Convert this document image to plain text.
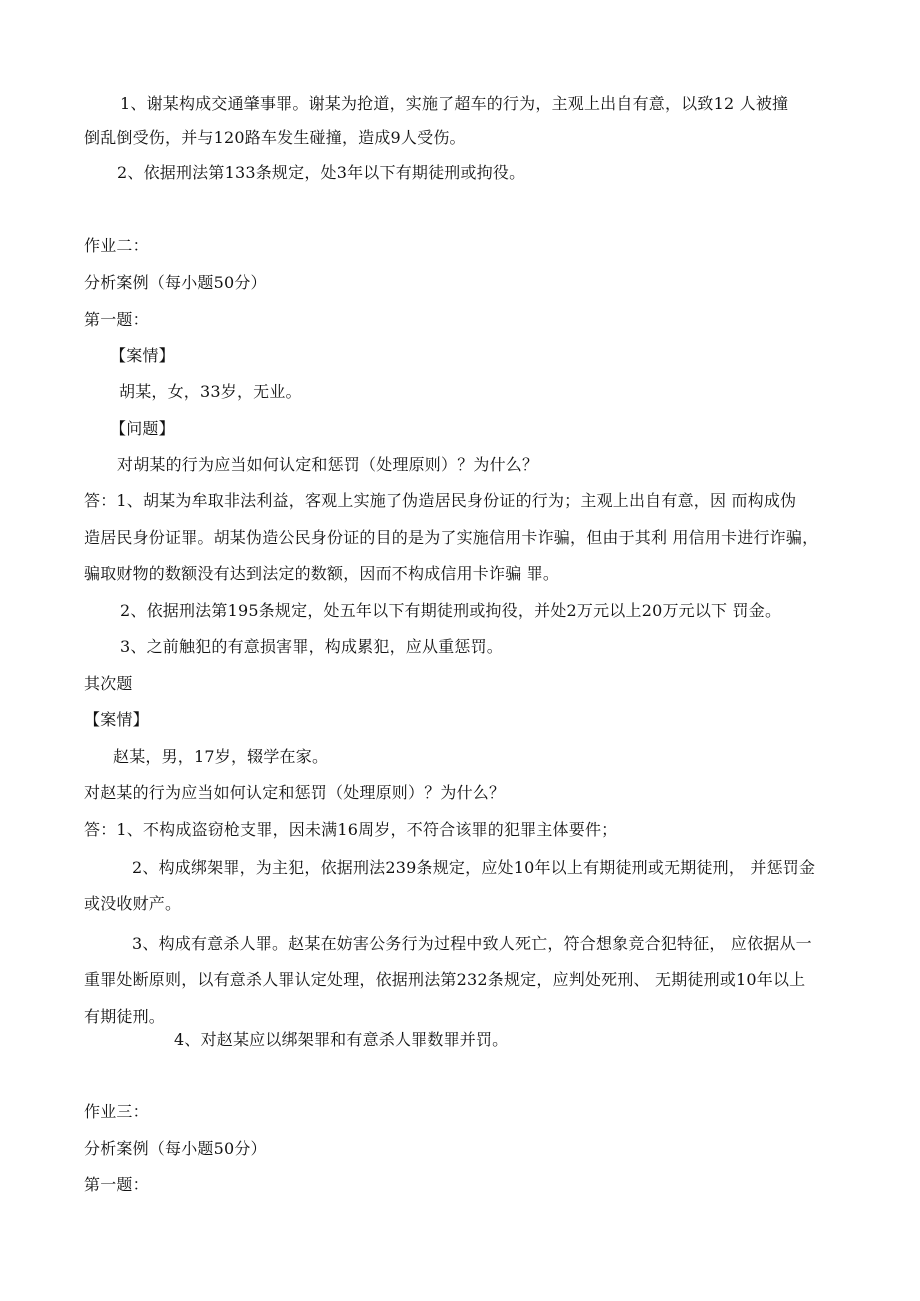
1、谢某构成交通肇事罪。谢某为抢道，实施了超车的行为，主观上出自有意，以致12 人被撞
倒乱倒受伤，并与120路车发生碰撞，造成9人受伤。
2、依据刑法第133条规定，处3年以下有期徒刑或拘役。
作业二：
分析案例（每小题50分）
第一题：
【案情】
胡某，女，33岁，无业。
【问题】
对胡某的行为应当如何认定和惩罚（处理原则）？为什么？
答：1、胡某为牟取非法利益，客观上实施了伪造居民身份证的行为；主观上出自有意，因 而构成伪
造居民身份证罪。胡某伪造公民身份证的目的是为了实施信用卡诈骗，但由于其利 用信用卡进行诈骗，
骗取财物的数额没有达到法定的数额，因而不构成信用卡诈骗 罪。
2、依据刑法第195条规定，处五年以下有期徒刑或拘役，并处2万元以上20万元以下 罚金。
3、之前触犯的有意损害罪，构成累犯，应从重惩罚。
其次题
【案情】
赵某，男，17岁，辍学在家。
对赵某的行为应当如何认定和惩罚（处理原则）？为什么？
答：1、不构成盗窃枪支罪，因未满16周岁，不符合该罪的犯罪主体要件；
2、构成绑架罪，为主犯，依据刑法239条规定，应处10年以上有期徒刑或无期徒刑， 并惩罚金
或没收财产。
3、构成有意杀人罪。赵某在妨害公务行为过程中致人死亡，符合想象竞合犯特征， 应依据从一
重罪处断原则，以有意杀人罪认定处理，依据刑法第232条规定，应判处死刑、 无期徒刑或10年以上
有期徒刑。
4、对赵某应以绑架罪和有意杀人罪数罪并罚。
作业三：
分析案例（每小题50分）
第一题：
